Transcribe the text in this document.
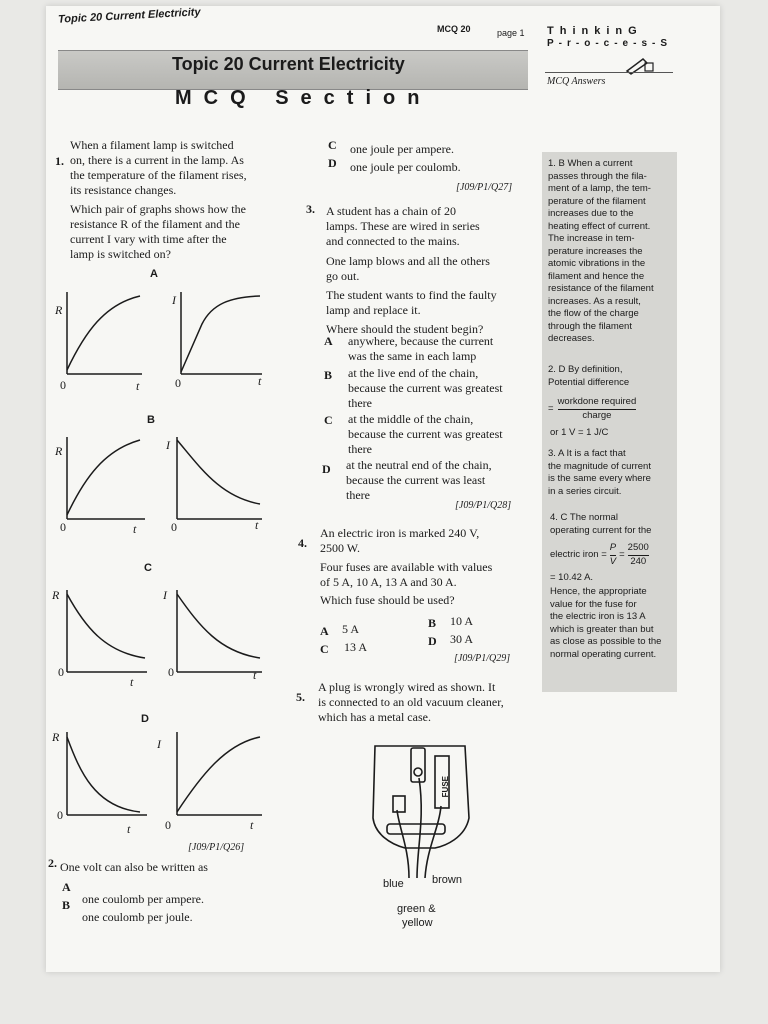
Topic 20 Current Electricity
MCQ 20	page 1 ThinkinG
P-r-o-c-e-s-S
Topic 20 Current Electricity
MCQ Answers
MCQ Section
1.
When a filament lamp is switched
on, there is a current in the lamp. As
the temperature of the filament rises,
its resistance changes.
Which pair of graphs shows how the
resistance R of the filament and the
current I vary with time after the
lamp is switched on?
A
B
C
D
R
I
R	I
R	I
R	I
0	0
0	0
0	0
0
0
t	t
t	t
t	t
t	t
[J09/P1/Q26]
2. One volt can also be written as
A
one coulomb per ampere.
B
one coulomb per joule.
C one joule per ampere.
D one joule per coulomb.
[J09/P1/Q27]
3. A student has a chain of 20
lamps. These are wired in series
and connected to the mains.
One lamp blows and all the others
go out.
The student wants to find the faulty
lamp and replace it.
Where should the student begin?
A anywhere, because the current
was the same in each lamp
B at the live end of the chain,
because the current was greatest
there
C at the middle of the chain,
because the current was greatest
there
D at the neutral end of the chain,
because the current was least
there
[J09/P1/Q28]
4.
An electric iron is marked 240 V,
2500 W.
Four fuses are available with values
of 5 A, 10 A, 13 A and 30 A.
Which fuse should be used?
A 5 A	B 10 A
C 13 A	D 30 A
[J09/P1/Q29]
5.
A plug is wrongly wired as shown. It
is connected to an old vacuum cleaner,
which has a metal case.
FUSE
blue	brown
green &
yellow
1. B When a current
passes through the fila-
ment of a lamp, the tem-
perature of the filament
increases due to the
heating effect of current.
The increase in tem-
perature increases the
atomic vibrations in the
filament and hence the
resistance of the filament
increases. As a result,
the flow of the charge
through the filament
decreases.
2. D By definition,
Potential difference
=
workdone required
charge
or 1 V = 1 J/C
3. A It is a fact that
the magnitude of current
is the same every where
in a series circuit.
4. C The normal
operating current for the
electric iron = $\frac{P}{V} = \frac{2500}{240}$
= 10.42 A.
Hence, the appropriate
value for the fuse for
the electric iron is 13 A
which is greater than but
as close as possible to the
normal operating current.
